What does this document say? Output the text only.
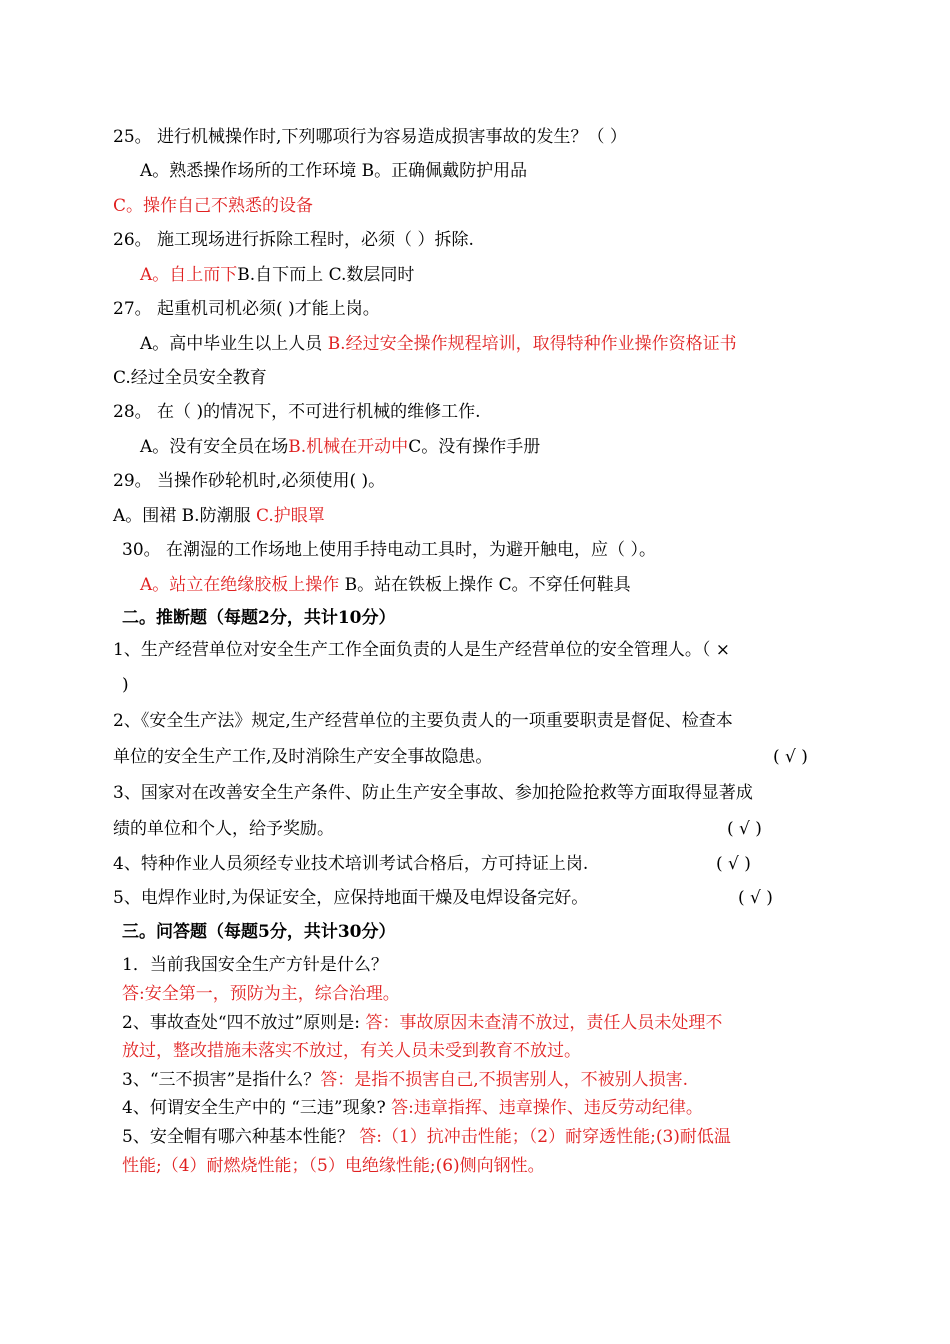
25。 进行机械操作时,下列哪项行为容易造成损害事故的发生？（ ）
A。熟悉操作场所的工作环境 B。正确佩戴防护用品
C。操作自己不熟悉的设备
26。 施工现场进行拆除工程时，必须（ ）拆除.
A。自上而下B.自下而上 C.数层同时
27。 起重机司机必须( )才能上岗。
A。高中毕业生以上人员 B.经过安全操作规程培训，取得特种作业操作资格证书
C.经过全员安全教育
28。 在（ )的情况下，不可进行机械的维修工作.
A。没有安全员在场B.机械在开动中C。没有操作手册
29。 当操作砂轮机时,必须使用( )。
A。围裙 B.防潮服 C.护眼罩
30。 在潮湿的工作场地上使用手持电动工具时，为避开触电，应（ ）。
A。站立在绝缘胶板上操作 B。站在铁板上操作 C。不穿任何鞋具
二。推断题（每题2分，共计10分）
1、生产经营单位对安全生产工作全面负责的人是生产经营单位的安全管理人。（ ×
)
2、《安全生产法》规定,生产经营单位的主要负责人的一项重要职责是督促、检查本
单位的安全生产工作,及时消除生产安全事故隐患。	( √ )
3、国家对在改善安全生产条件、防止生产安全事故、参加抢险抢救等方面取得显著成
绩的单位和个人，给予奖励。	( √ )
4、特种作业人员须经专业技术培训考试合格后，方可持证上岗.	( √ )
5、电焊作业时,为保证安全，应保持地面干燥及电焊设备完好。	( √ )
三。问答题（每题5分，共计30分）
1．当前我国安全生产方针是什么？
答:安全第一，预防为主，综合治理。
2、事故查处“四不放过”原则是: 答：事故原因未查清不放过，责任人员未处理不
放过，整改措施未落实不放过，有关人员未受到教育不放过。
3、“三不损害”是指什么？答：是指不损害自己,不损害别人，不被别人损害.
4、何谓安全生产中的 “三违”现象? 答:违章指挥、违章操作、违反劳动纪律。
5、安全帽有哪六种基本性能？ 答:（1）抗冲击性能；（2）耐穿透性能;(3)耐低温
性能;（4）耐燃烧性能；（5）电绝缘性能;(6)侧向钢性。
